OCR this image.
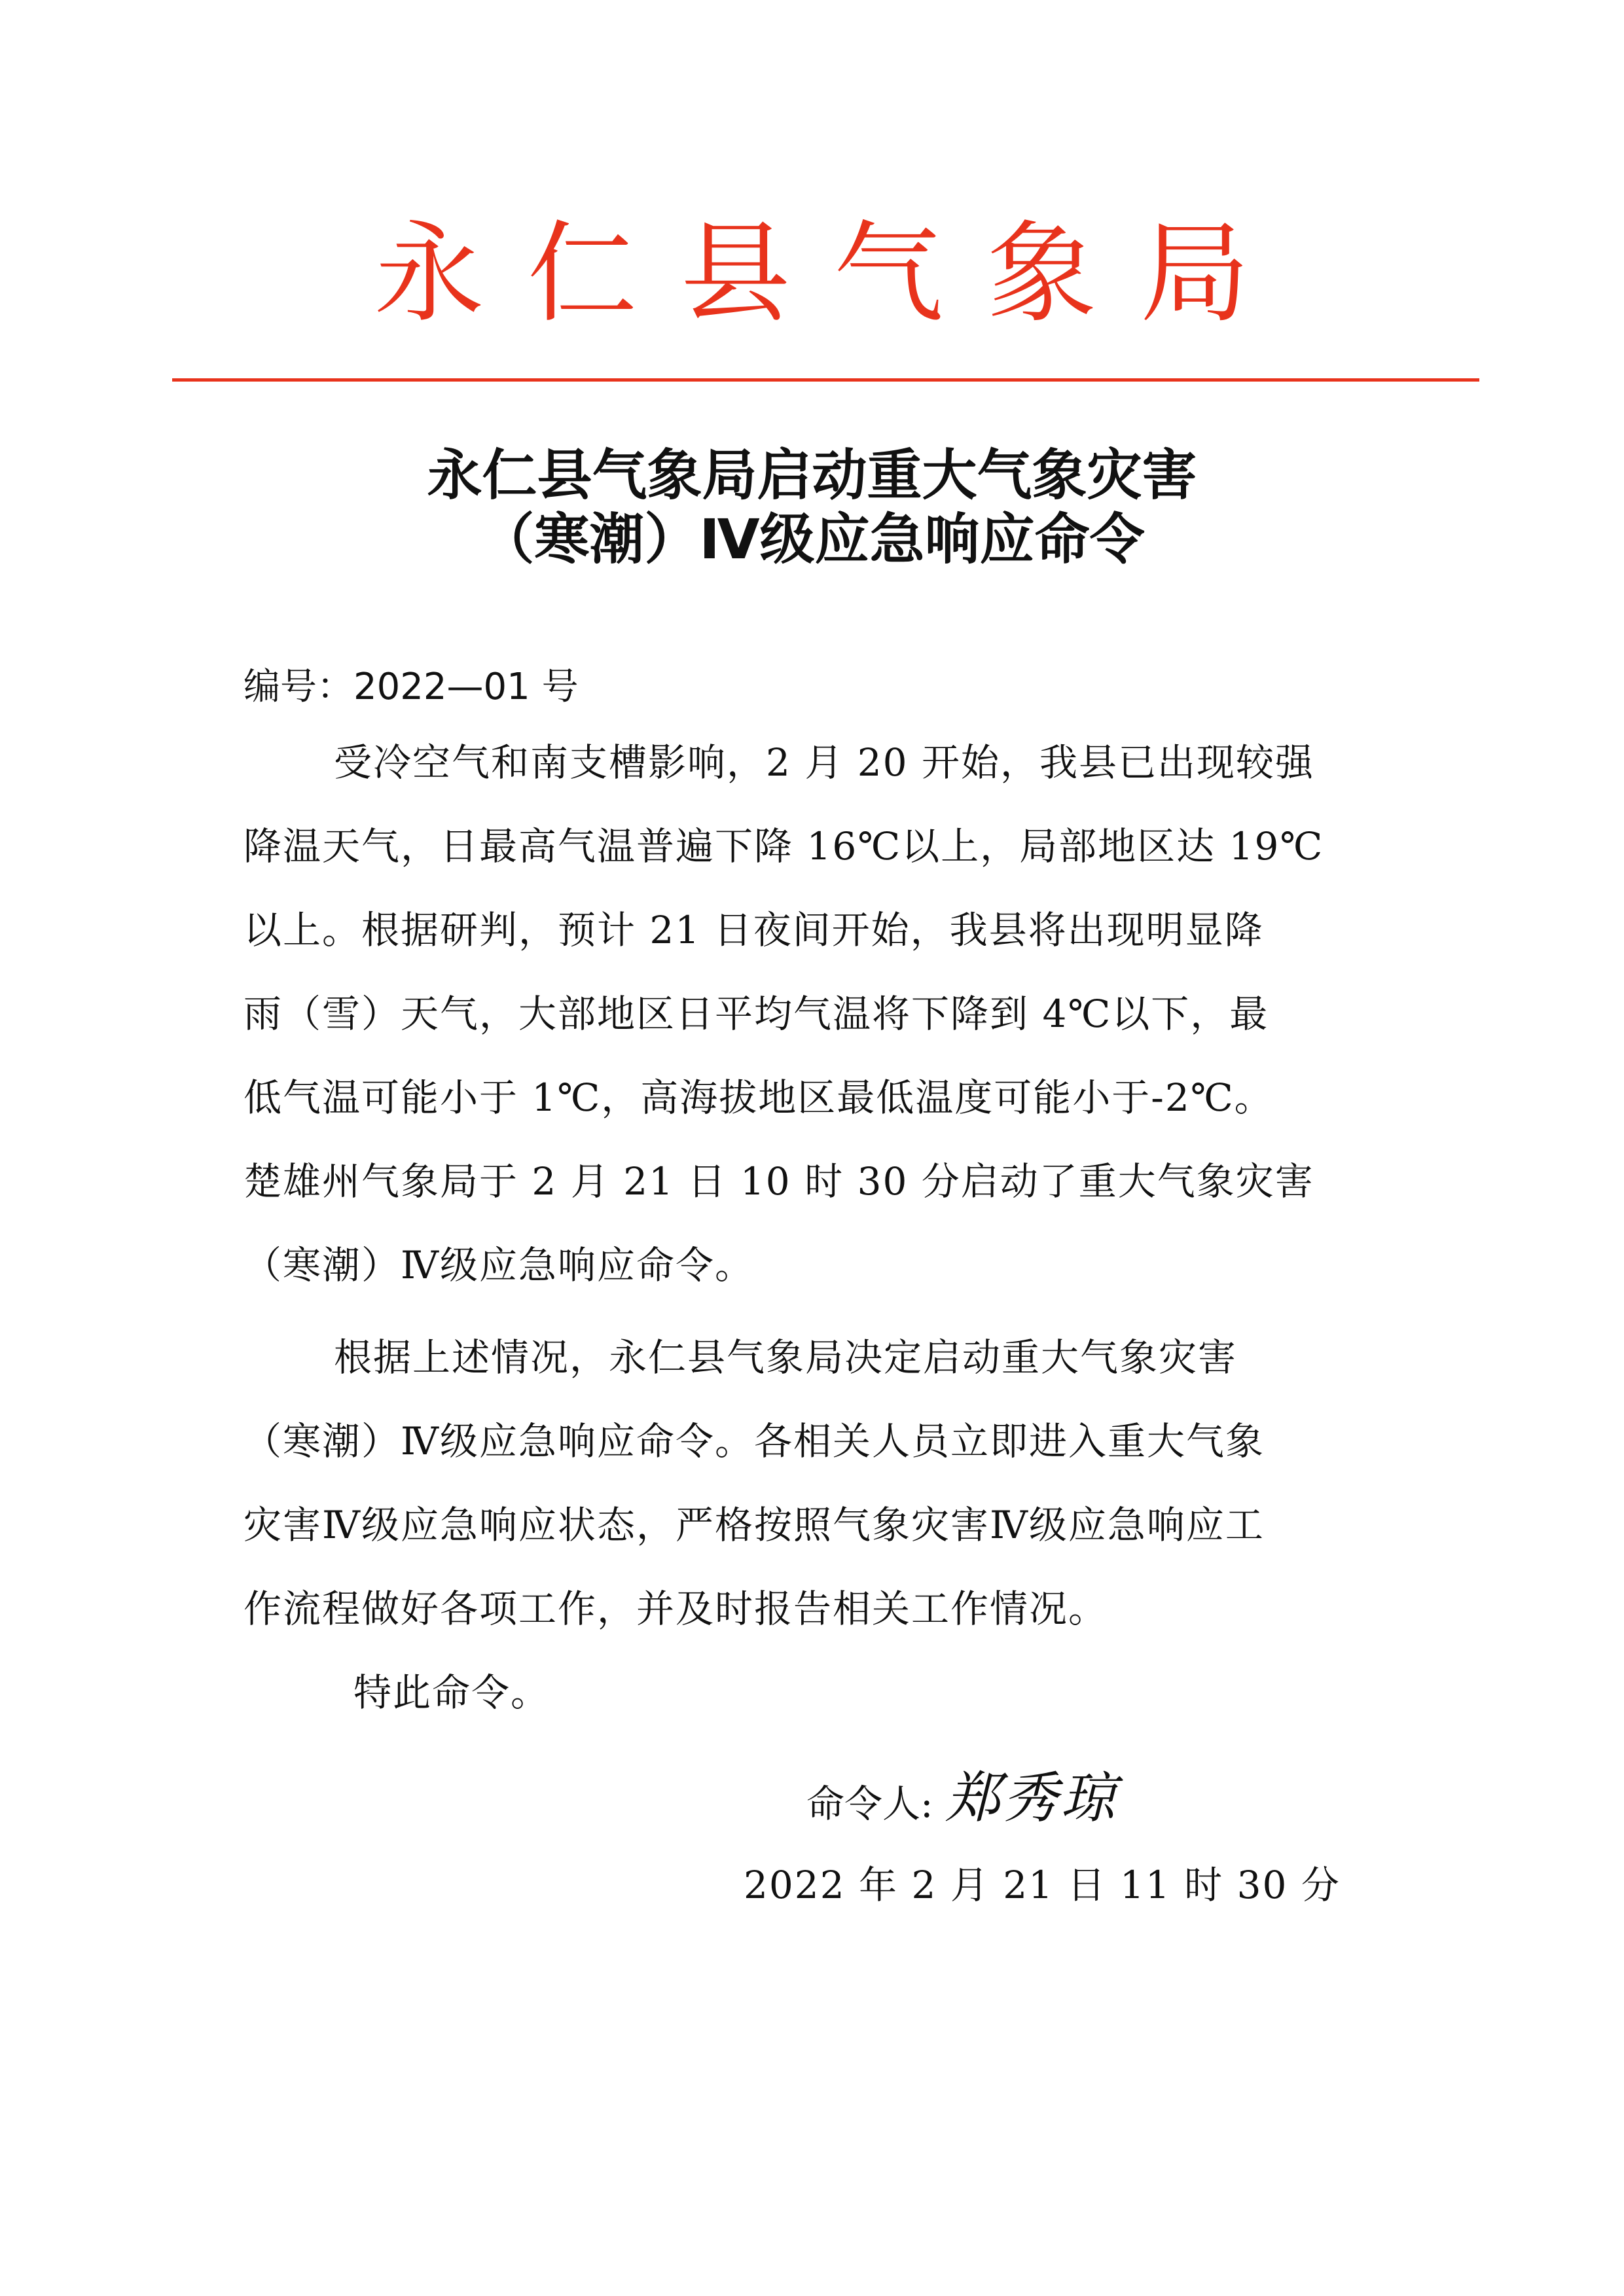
永 仁 县 气 象 局
永仁县气象局启动重大气象灾害
（寒潮）Ⅳ级应急响应命令
编号：2022—01 号
受冷空气和南支槽影响，2 月 20 开始，我县已出现较强
降温天气，日最高气温普遍下降 16℃以上，局部地区达 19℃
以上。根据研判，预计 21 日夜间开始，我县将出现明显降
雨（雪）天气，大部地区日平均气温将下降到 4℃以下，最
低气温可能小于 1℃，高海拔地区最低温度可能小于-2℃。
楚雄州气象局于 2 月 21 日 10 时 30 分启动了重大气象灾害
（寒潮）Ⅳ级应急响应命令。
根据上述情况，永仁县气象局决定启动重大气象灾害
（寒潮）Ⅳ级应急响应命令。各相关人员立即进入重大气象
灾害Ⅳ级应急响应状态，严格按照气象灾害Ⅳ级应急响应工
作流程做好各项工作，并及时报告相关工作情况。
特此命令。
命令人: 郑秀琼
2022 年 2 月 21 日 11 时 30 分
